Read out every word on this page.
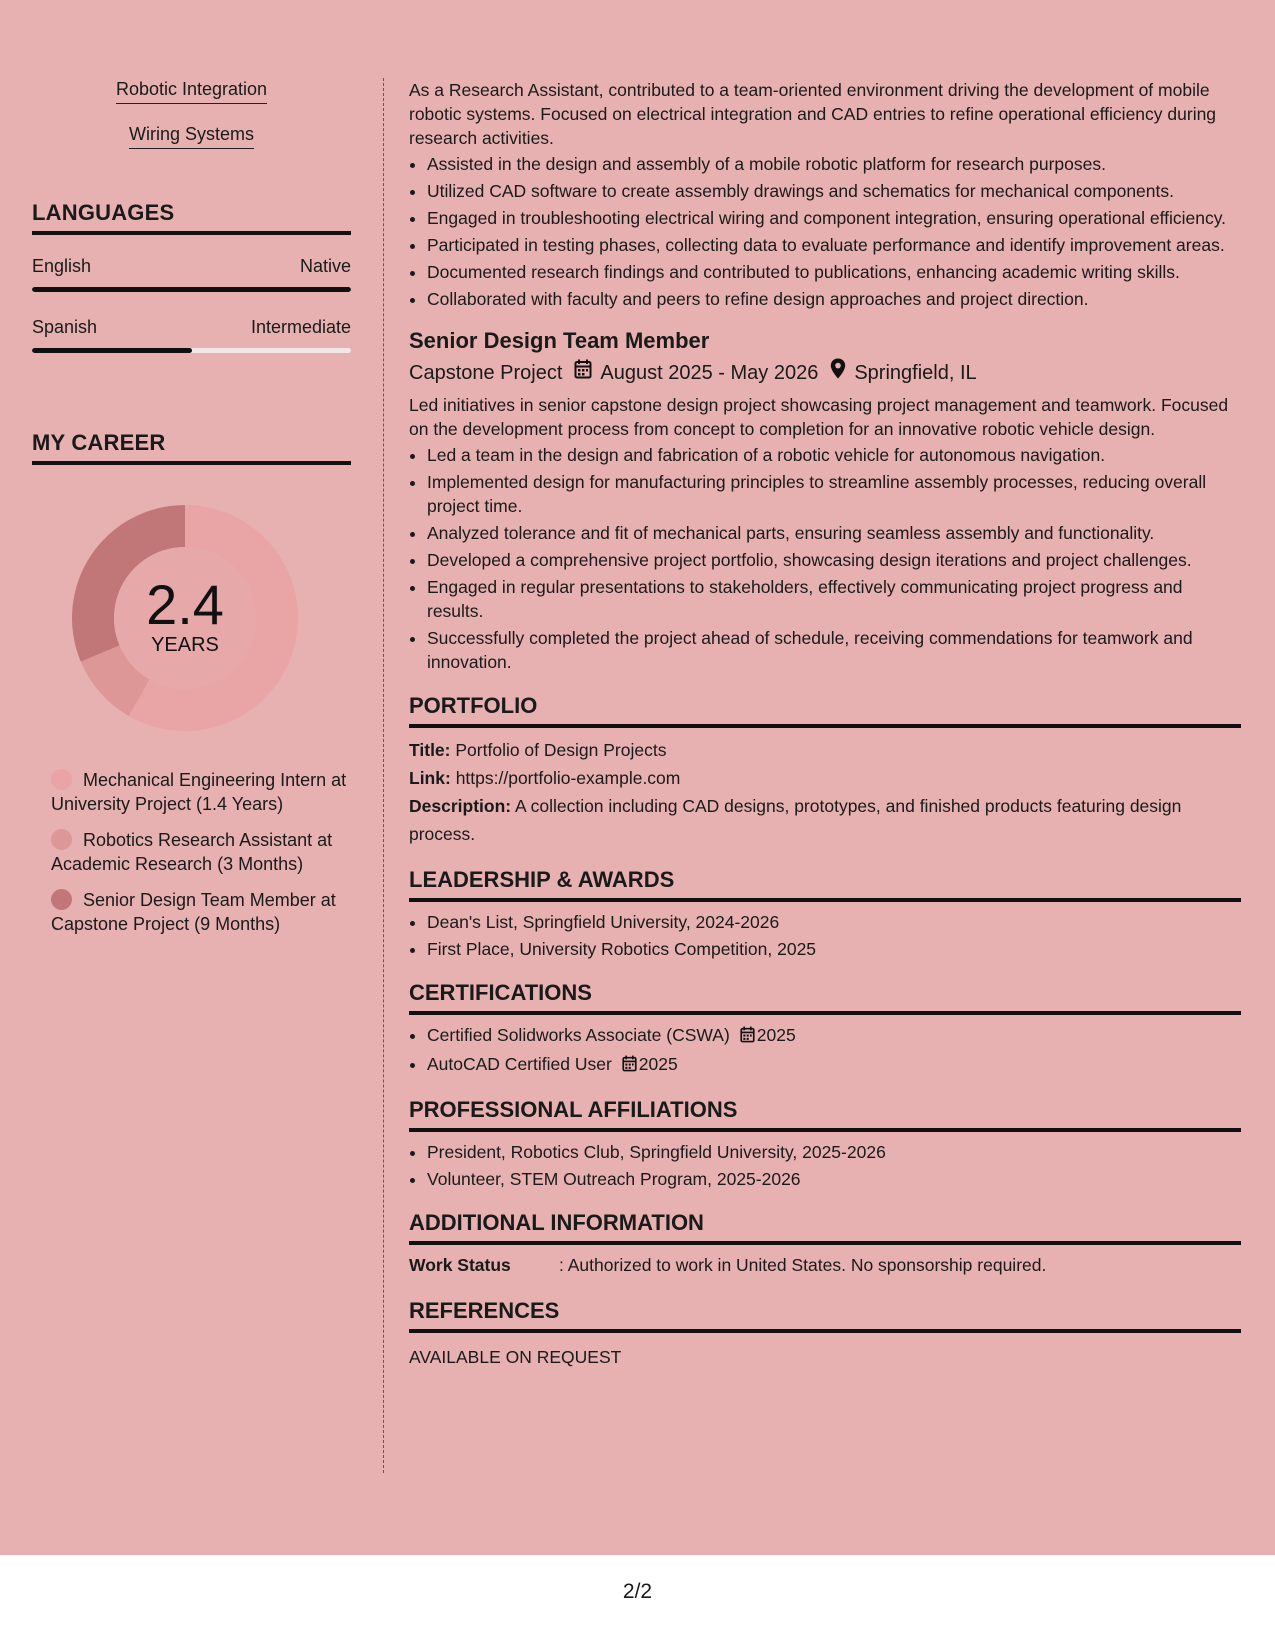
Robotic Integration
Wiring Systems
LANGUAGES
English	Native
Spanish	Intermediate
MY CAREER
2.4
YEARS
Mechanical Engineering Intern at University Project (1.4 Years)
Robotics Research Assistant at Academic Research (3 Months)
Senior Design Team Member at Capstone Project (9 Months)

As a Research Assistant, contributed to a team-oriented environment driving the development of mobile robotic systems. Focused on electrical integration and CAD entries to refine operational efficiency during research activities.

• Assisted in the design and assembly of a mobile robotic platform for research purposes.
• Utilized CAD software to create assembly drawings and schematics for mechanical components.
• Engaged in troubleshooting electrical wiring and component integration, ensuring operational efficiency.
• Participated in testing phases, collecting data to evaluate performance and identify improvement areas.
• Documented research findings and contributed to publications, enhancing academic writing skills.
• Collaborated with faculty and peers to refine design approaches and project direction.
Senior Design Team Member
Capstone Project August 2025 - May 2026 Springfield, IL

Led initiatives in senior capstone design project showcasing project management and teamwork. Focused on the development process from concept to completion for an innovative robotic vehicle design.

• Led a team in the design and fabrication of a robotic vehicle for autonomous navigation.
• Implemented design for manufacturing principles to streamline assembly processes, reducing overall project time.
• Analyzed tolerance and fit of mechanical parts, ensuring seamless assembly and functionality.
• Developed a comprehensive project portfolio, showcasing design iterations and project challenges.
• Engaged in regular presentations to stakeholders, effectively communicating project progress and results.
• Successfully completed the project ahead of schedule, receiving commendations for teamwork and innovation.
PORTFOLIO
Title: Portfolio of Design Projects
Link: https://portfolio-example.com
Description: A collection including CAD designs, prototypes, and finished products featuring design process.
LEADERSHIP & AWARDS
• Dean's List, Springfield University, 2024-2026
• First Place, University Robotics Competition, 2025
CERTIFICATIONS
• Certified Solidworks Associate (CSWA) 2025
• AutoCAD Certified User 2025
PROFESSIONAL AFFILIATIONS
• President, Robotics Club, Springfield University, 2025-2026
• Volunteer, STEM Outreach Program, 2025-2026
ADDITIONAL INFORMATION
Work Status	: Authorized to work in United States. No sponsorship required.
REFERENCES
AVAILABLE ON REQUEST
2/2
